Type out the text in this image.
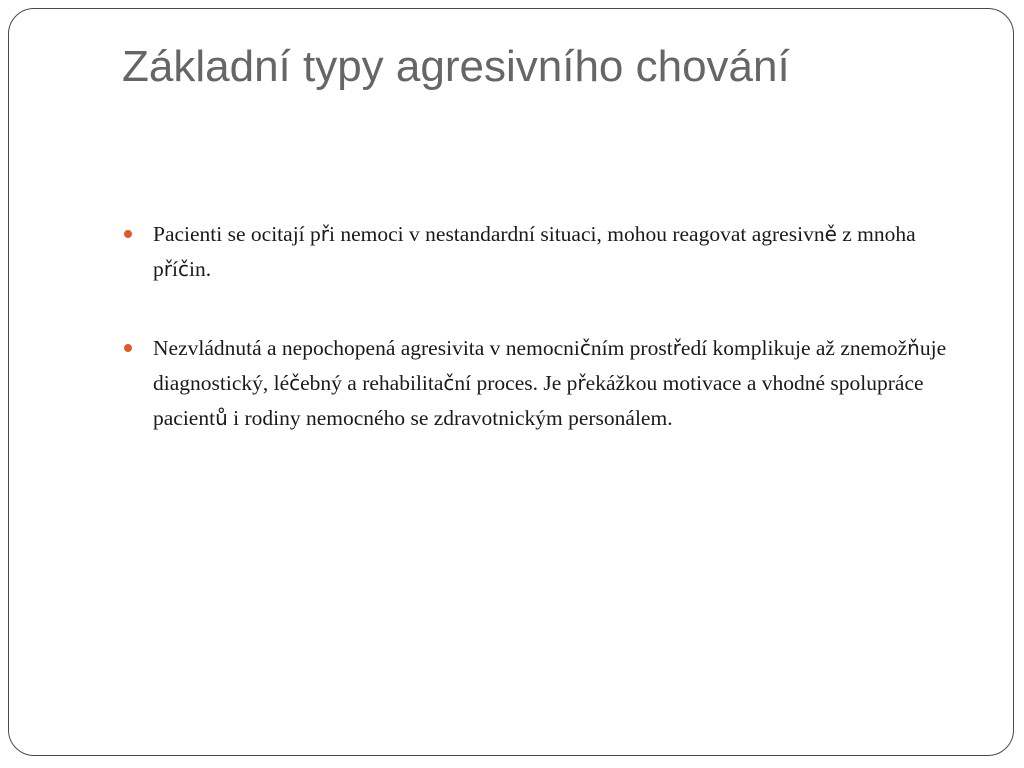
Základní typy agresivního chování
Pacienti se ocitají při nemoci v nestandardní situaci, mohou reagovat agresivně z mnoha příčin.
Nezvládnutá a nepochopená agresivita v nemocničním prostředí komplikuje až znemožňuje diagnostický, léčebný a rehabilitační proces. Je překážkou motivace a vhodné spolupráce pacientů i rodiny nemocného se zdravotnickým personálem.
